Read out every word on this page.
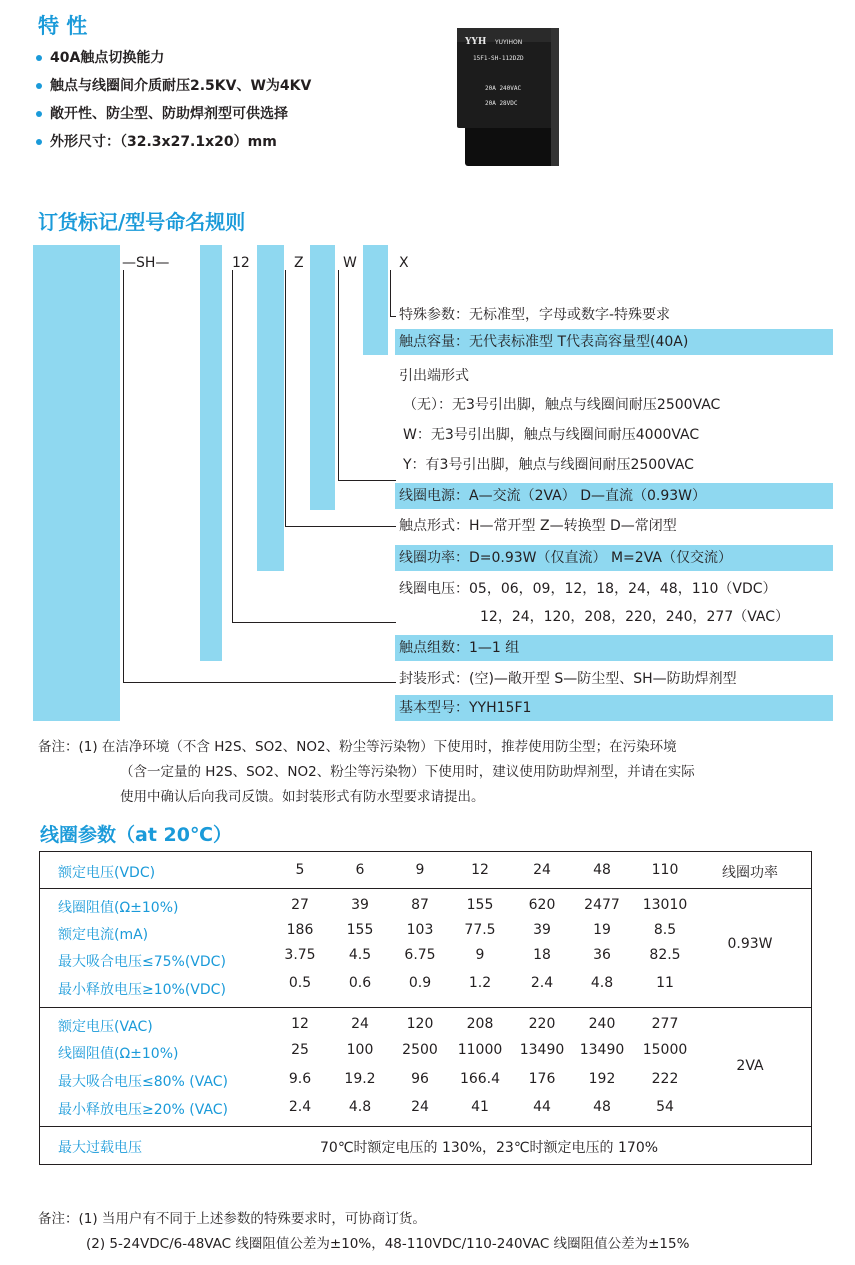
特 性
40A触点切换能力
触点与线圈间介质耐压2.5KV、W为4KV
敞开性、防尘型、防助焊剂型可供选择
外形尺寸：（32.3x27.1x20）mm
YYH YUYIHON
15F1-SH-112DZD
20A 240VAC
20A 28VDC
订货标记/型号命名规则
—SH—	12	Z	W	X
特殊参数：无标准型，字母或数字-特殊要求
触点容量：无代表标准型 T代表高容量型(40A)
引出端形式
（无）：无3号引出脚，触点与线圈间耐压2500VAC
W：无3号引出脚，触点与线圈间耐压4000VAC
Y：有3号引出脚，触点与线圈间耐压2500VAC
线圈电源：A—交流（2VA） D—直流（0.93W）
触点形式：H—常开型 Z—转换型 D—常闭型
线圈功率：D=0.93W（仅直流） M=2VA（仅交流）
线圈电压：05，06，09，12，18，24，48，110（VDC）
12，24，120，208，220，240，277（VAC）
触点组数：1—1 组
封装形式：(空)—敞开型 S—防尘型、SH—防助焊剂型
基本型号：YYH15F1
备注：(1) 在洁净环境（不含 H2S、SO2、NO2、粉尘等污染物）下使用时，推荐使用防尘型；在污染环境
（含一定量的 H2S、SO2、NO2、粉尘等污染物）下使用时，建议使用防助焊剂型，并请在实际
使用中确认后向我司反馈。如封装形式有防水型要求请提出。
线圈参数（at 20℃）
额定电压(VDC)	5	6	9	12	24	48	110	线圈功率
线圈阻值(Ω±10%)	27	39	87	155	620	2477	13010
额定电流(mA)	186	155	103	77.5	39	19	8.5
最大吸合电压≤75%(VDC)	3.75	4.5	6.75	9	18	36	82.5
最小释放电压≥10%(VDC)	0.5	0.6	0.9	1.2	2.4	4.8	11
0.93W
额定电压(VAC)	12	24	120	208	220	240	277
线圈阻值(Ω±10%)	25	100	2500	11000	13490	13490	15000
最大吸合电压≤80% (VAC)	9.6	19.2	96	166.4	176	192	222
最小释放电压≥20% (VAC)	2.4	4.8	24	41	44	48	54
2VA
最大过载电压	70℃时额定电压的 130%，23℃时额定电压的 170%
备注：(1) 当用户有不同于上述参数的特殊要求时，可协商订货。
(2) 5-24VDC/6-48VAC 线圈阻值公差为±10%，48-110VDC/110-240VAC 线圈阻值公差为±15%
